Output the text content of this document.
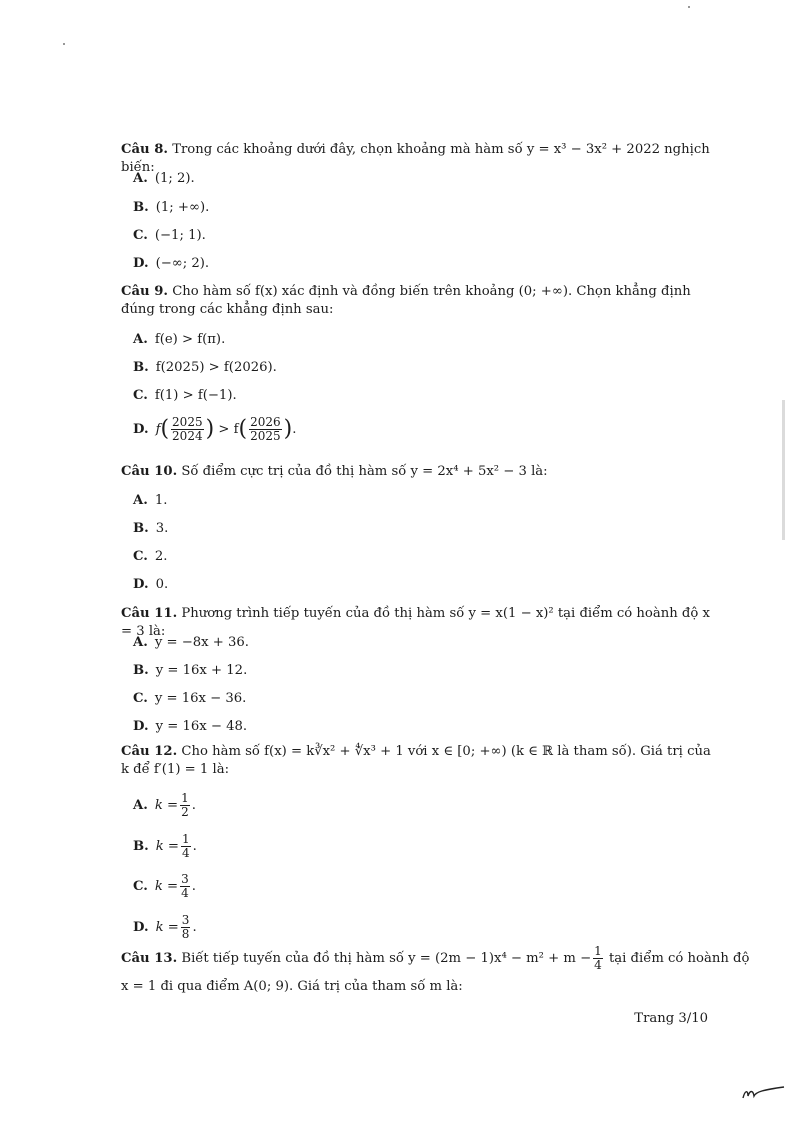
Câu 8. Trong các khoảng dưới đây, chọn khoảng mà hàm số y = x³ − 3x² + 2022 nghịch biến:
A. (1; 2).
B. (1; +∞).
C. (−1; 1).
D. (−∞; 2).
Câu 9. Cho hàm số f(x) xác định và đồng biến trên khoảng (0; +∞). Chọn khẳng định đúng trong các khẳng định sau:
A. f(e) > f(π).
B. f(2025) > f(2026).
C. f(1) > f(−1).
D. $f( \frac{2025}{2024}$ ) > $f( \frac{2026}{2025}$ ).
Câu 10. Số điểm cực trị của đồ thị hàm số y = 2x⁴ + 5x² − 3 là:
A. 1.
B. 3.
C. 2.
D. 0.
Câu 11. Phương trình tiếp tuyến của đồ thị hàm số y = x(1 − x)² tại điểm có hoành độ x = 3 là:
A. y = −8x + 36.
B. y = 16x + 12.
C. y = 16x − 36.
D. y = 16x − 48.
Câu 12. Cho hàm số f(x) = k∛x² + ∜x³ + 1 với x ∈ [0; +∞) (k ∈ ℝ là tham số). Giá trị của k để f′(1) = 1 là:
A. $k = \frac{1}{2}$ .
B. $k = \frac{1}{4}$ .
C. $k = \frac{3}{4}$ .
D. $k = \frac{3}{8}$ .
Câu 13. Biết tiếp tuyến của đồ thị hàm số $y = (2m - 1)x^4 - m^2 + m - \frac{1}{4}$ tại điểm có hoành độ
x = 1 đi qua điểm A(0; 9). Giá trị của tham số m là:
Trang 3/10
